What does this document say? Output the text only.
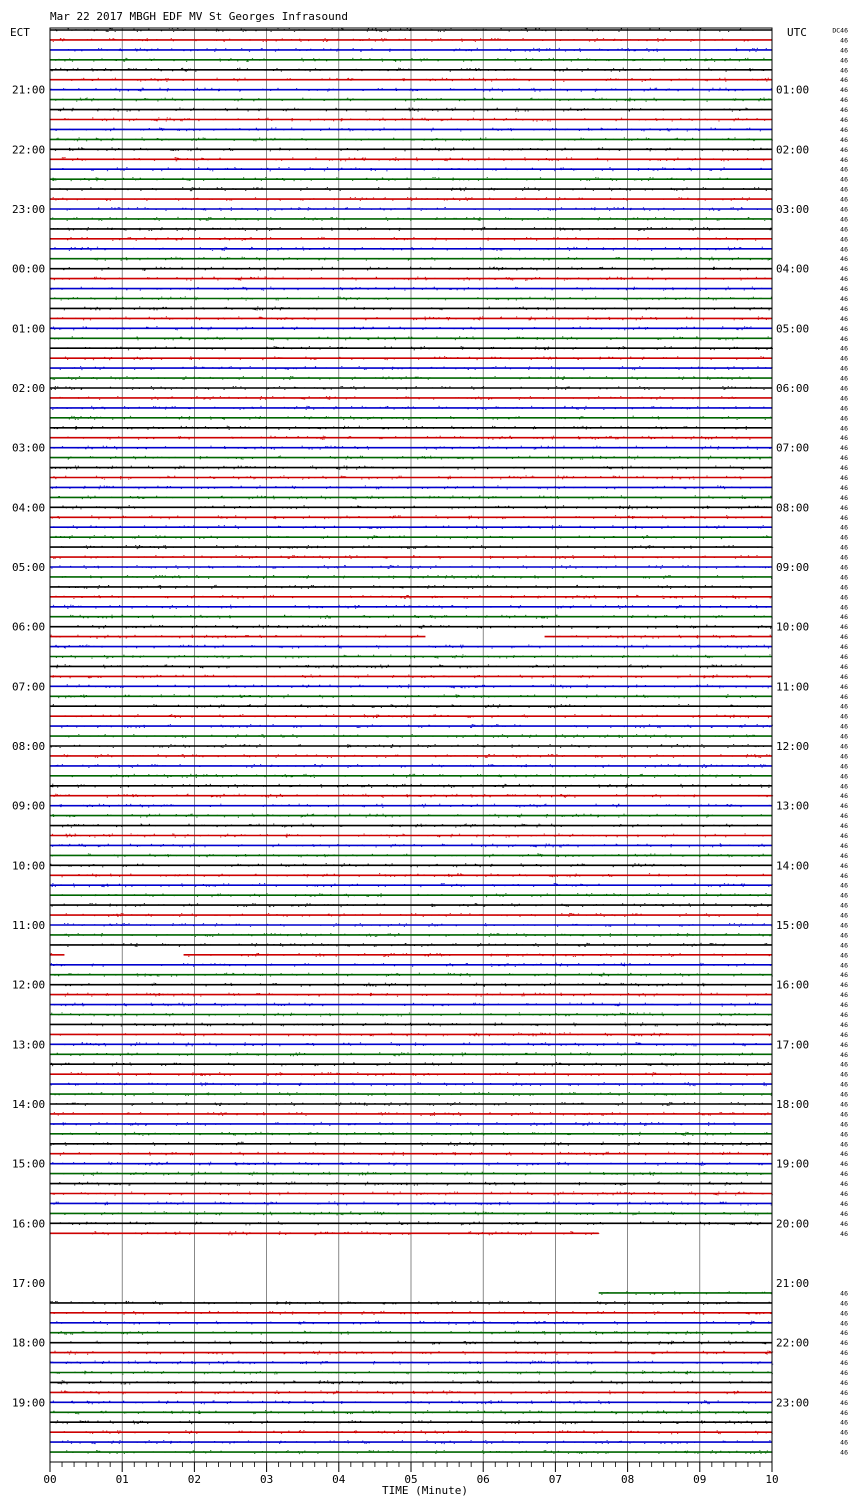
Mar 22 2017 MBGH EDF MV St Georges Infrasound
ECT	UTC
TIME (Minute)
21:00
22:00
23:00
00:00
01:00
02:00
03:00
04:00
05:00
06:00
07:00
08:00
09:00
10:00
11:00
12:00
13:00
14:00
15:00
16:00
17:00
18:00
19:00
01:00
02:00
03:00
04:00
05:00
06:00
07:00
08:00
09:00
10:00
11:00
12:00
13:00
14:00
15:00
16:00
17:00
18:00
19:00
20:00
21:00
22:00
23:00
DC46
46
46
46
46
46
46
46
46
46
46
46
46
46
46
46
46
46
46
46
46
46
46
46
46
46
46
46
46
46
46
46
46
46
46
46
46
46
46
46
46
46
46
46
46
46
46
46
46
46
46
46
46
46
46
46
46
46
46
46
46
46
46
46
46
46
46
46
46
46
46
46
46
46
46
46
46
46
46
46
46
46
46
46
46
46
46
46
46
46
46
46
46
46
46
46
46
46
46
46
46
46
46
46
46
46
46
46
46
46
46
46
46
46
46
46
46
46
46
46
46
46
46
46
46
46
46
46
46
46
46
46
46
46
46
46
46
46
46
00	01	02	03	04	05	06	07	08	09	10
